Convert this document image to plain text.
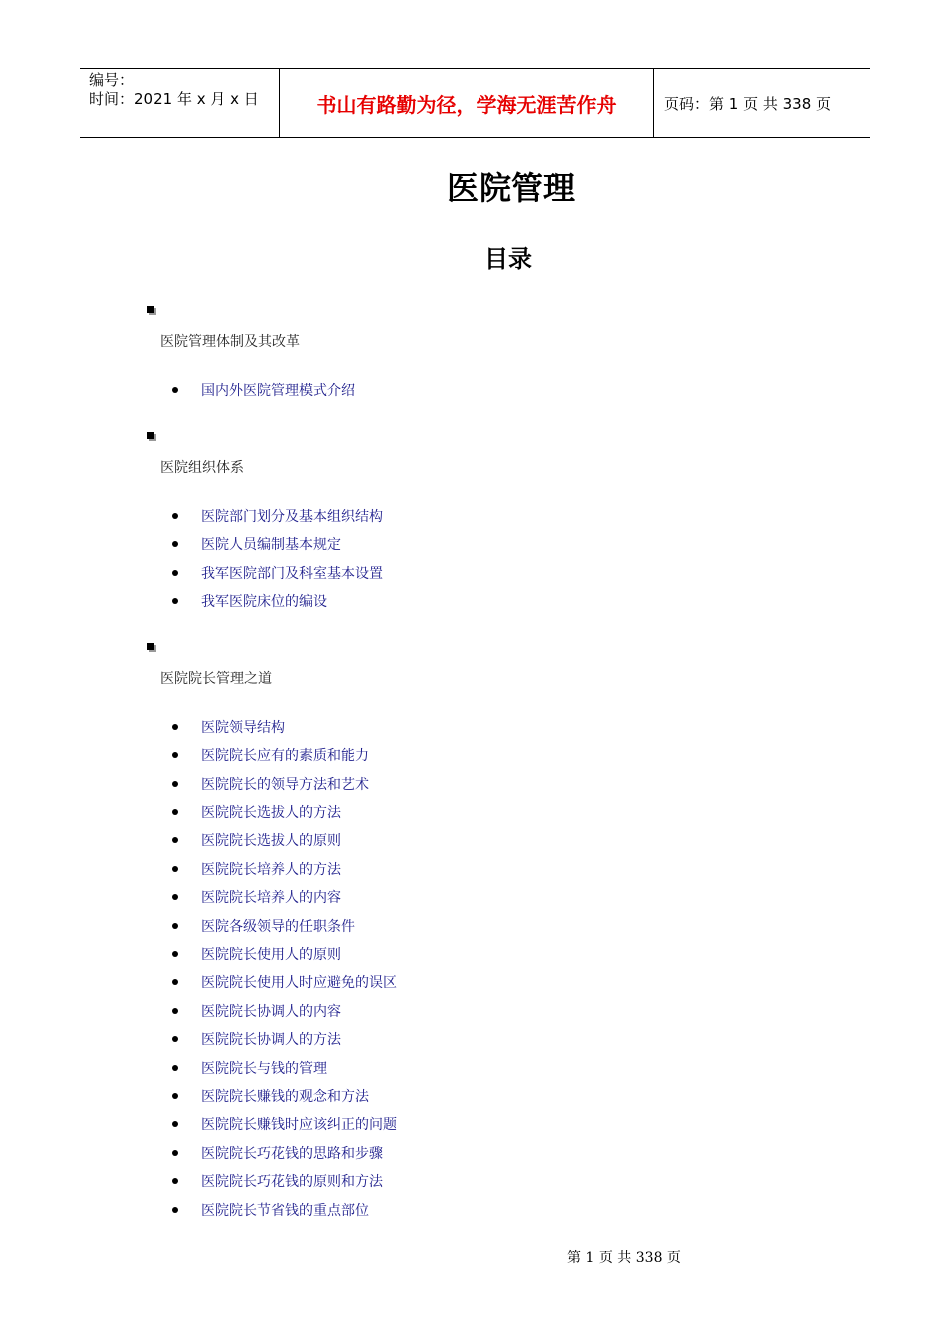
编号：
时间：2021 年 x 月 x 日	书山有路勤为径，学海无涯苦作舟	页码：第 1 页 共 338 页
医院管理
目录
医院管理体制及其改革
国内外医院管理模式介绍
医院组织体系
医院部门划分及基本组织结构
医院人员编制基本规定
我军医院部门及科室基本设置
我军医院床位的编设
医院院长管理之道
医院领导结构
医院院长应有的素质和能力
医院院长的领导方法和艺术
医院院长选拔人的方法
医院院长选拔人的原则
医院院长培养人的方法
医院院长培养人的内容
医院各级领导的任职条件
医院院长使用人的原则
医院院长使用人时应避免的误区
医院院长协调人的内容
医院院长协调人的方法
医院院长与钱的管理
医院院长赚钱的观念和方法
医院院长赚钱时应该纠正的问题
医院院长巧花钱的思路和步骤
医院院长巧花钱的原则和方法
医院院长节省钱的重点部位
第 1 页 共 338 页
